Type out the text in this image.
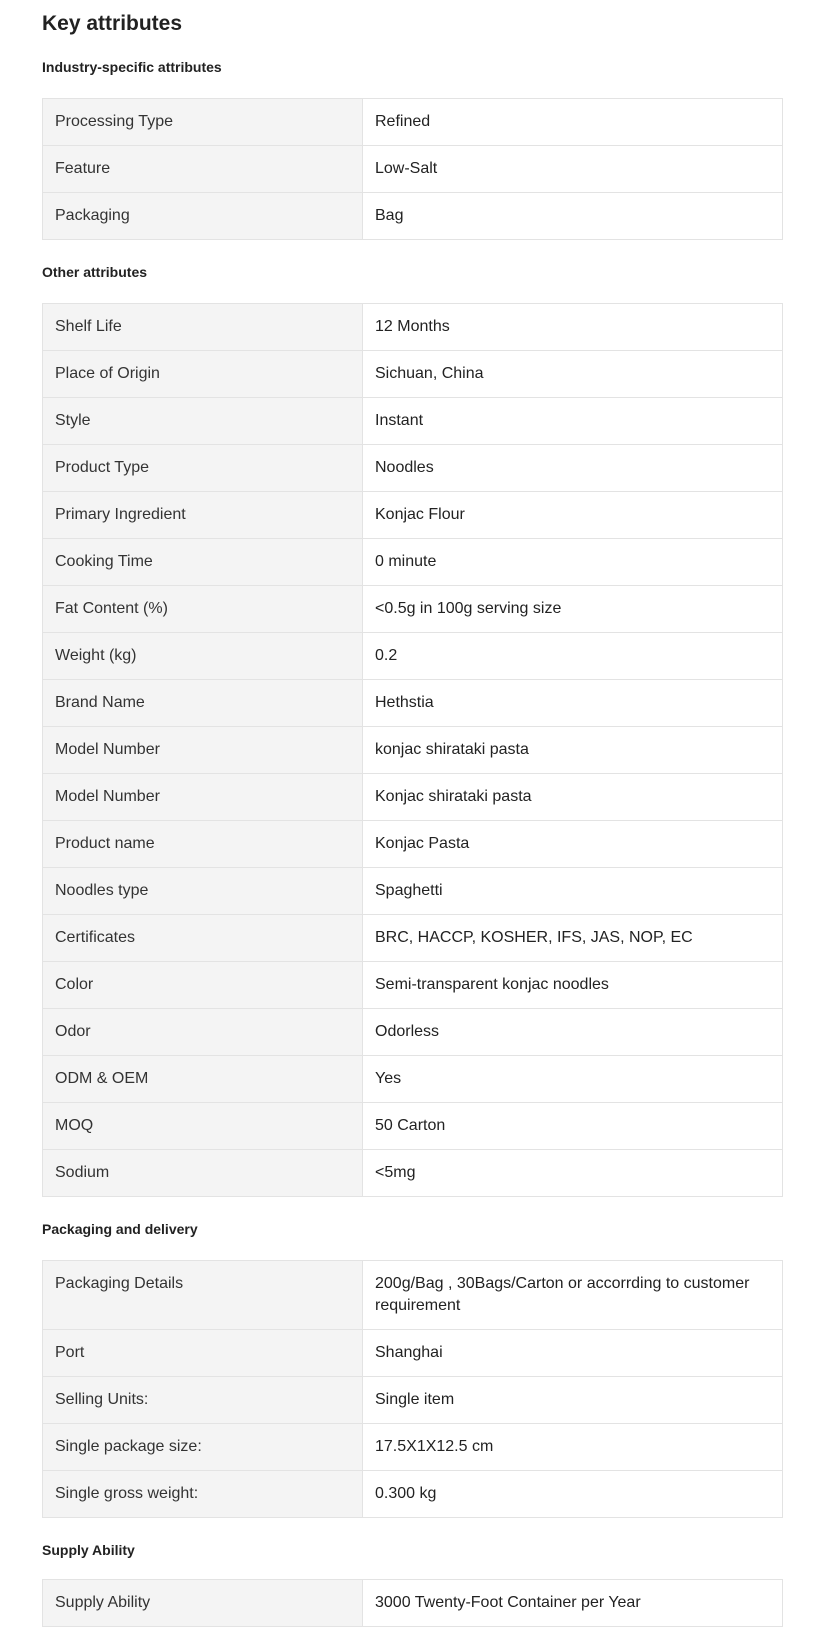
Key attributes
Industry-specific attributes
Processing Type	Refined
Feature	Low-Salt
Packaging	Bag
Other attributes
Shelf Life	12 Months
Place of Origin	Sichuan, China
Style	Instant
Product Type	Noodles
Primary Ingredient	Konjac Flour
Cooking Time	0 minute
Fat Content (%)	<0.5g in 100g serving size
Weight (kg)	0.2
Brand Name	Hethstia
Model Number	konjac shirataki pasta
Model Number	Konjac shirataki pasta
Product name	Konjac Pasta
Noodles type	Spaghetti
Certificates	BRC, HACCP, KOSHER, IFS, JAS, NOP, EC
Color	Semi-transparent konjac noodles
Odor	Odorless
ODM & OEM	Yes
MOQ	50 Carton
Sodium	<5mg
Packaging and delivery
Packaging Details	200g/Bag , 30Bags/Carton or accorrding to customer requirement
Port	Shanghai
Selling Units:	Single item
Single package size:	17.5X1X12.5 cm
Single gross weight:	0.300 kg
Supply Ability
Supply Ability	3000 Twenty-Foot Container per Year
